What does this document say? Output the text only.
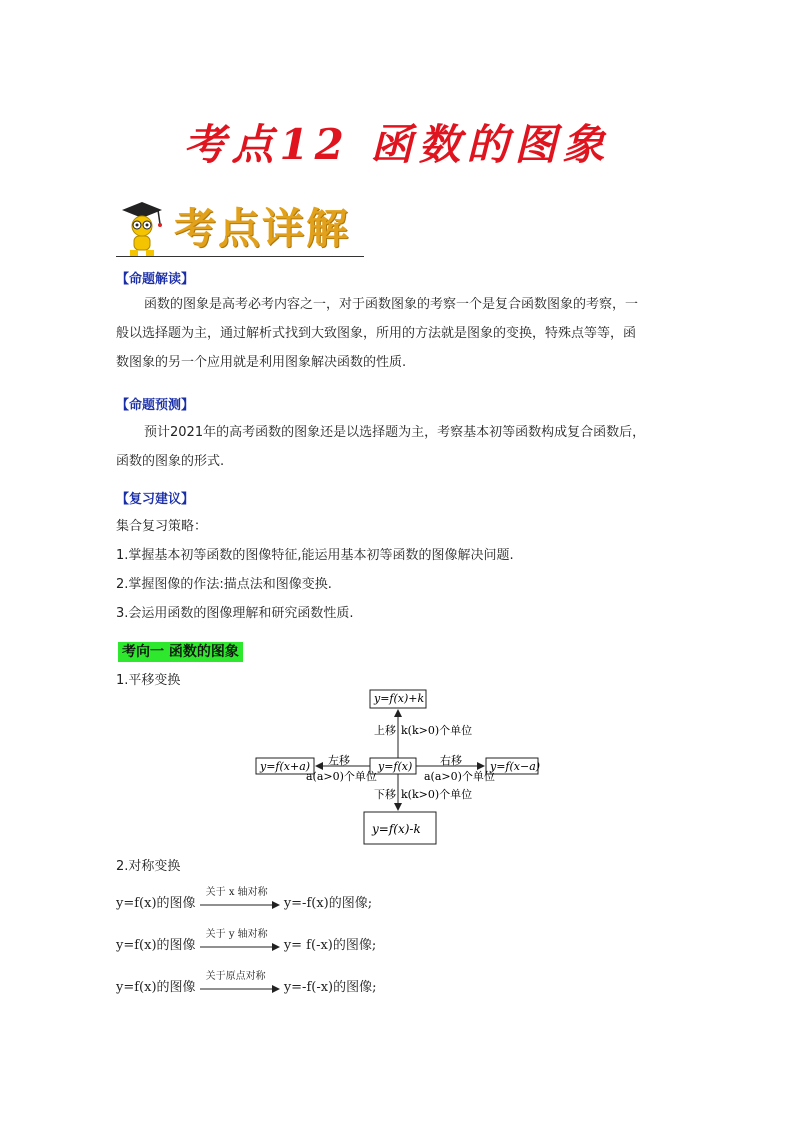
考点12 函数的图象
考点详解
【命题解读】
函数的图象是高考必考内容之一，对于函数图象的考察一个是复合函数图象的考察，一
般以选择题为主，通过解析式找到大致图象，所用的方法就是图象的变换，特殊点等等，函
数图象的另一个应用就是利用图象解决函数的性质.
【命题预测】
预计2021年的高考函数的图象还是以选择题为主，考察基本初等函数构成复合函数后，
函数的图象的形式.
【复习建议】
集合复习策略：
1.掌握基本初等函数的图像特征,能运用基本初等函数的图像解决问题.
2.掌握图像的作法:描点法和图像变换.
3.会运用函数的图像理解和研究函数性质.
考向一 函数的图象
1.平移变换
y=f(x)+k
y=f(x)
y=f(x+a)	y=f(x−a)
y=f(x)-k
上移 k(k>0)个单位
下移 k(k>0)个单位
左移
a(a>0)个单位
右移
a(a>0)个单位
2.对称变换
y=f(x)的图像
关于 x 轴对称
y=-f(x)的图像;
y=f(x)的图像
关于 y 轴对称
y= f(-x)的图像;
y=f(x)的图像
关于原点对称
y=-f(-x)的图像;
